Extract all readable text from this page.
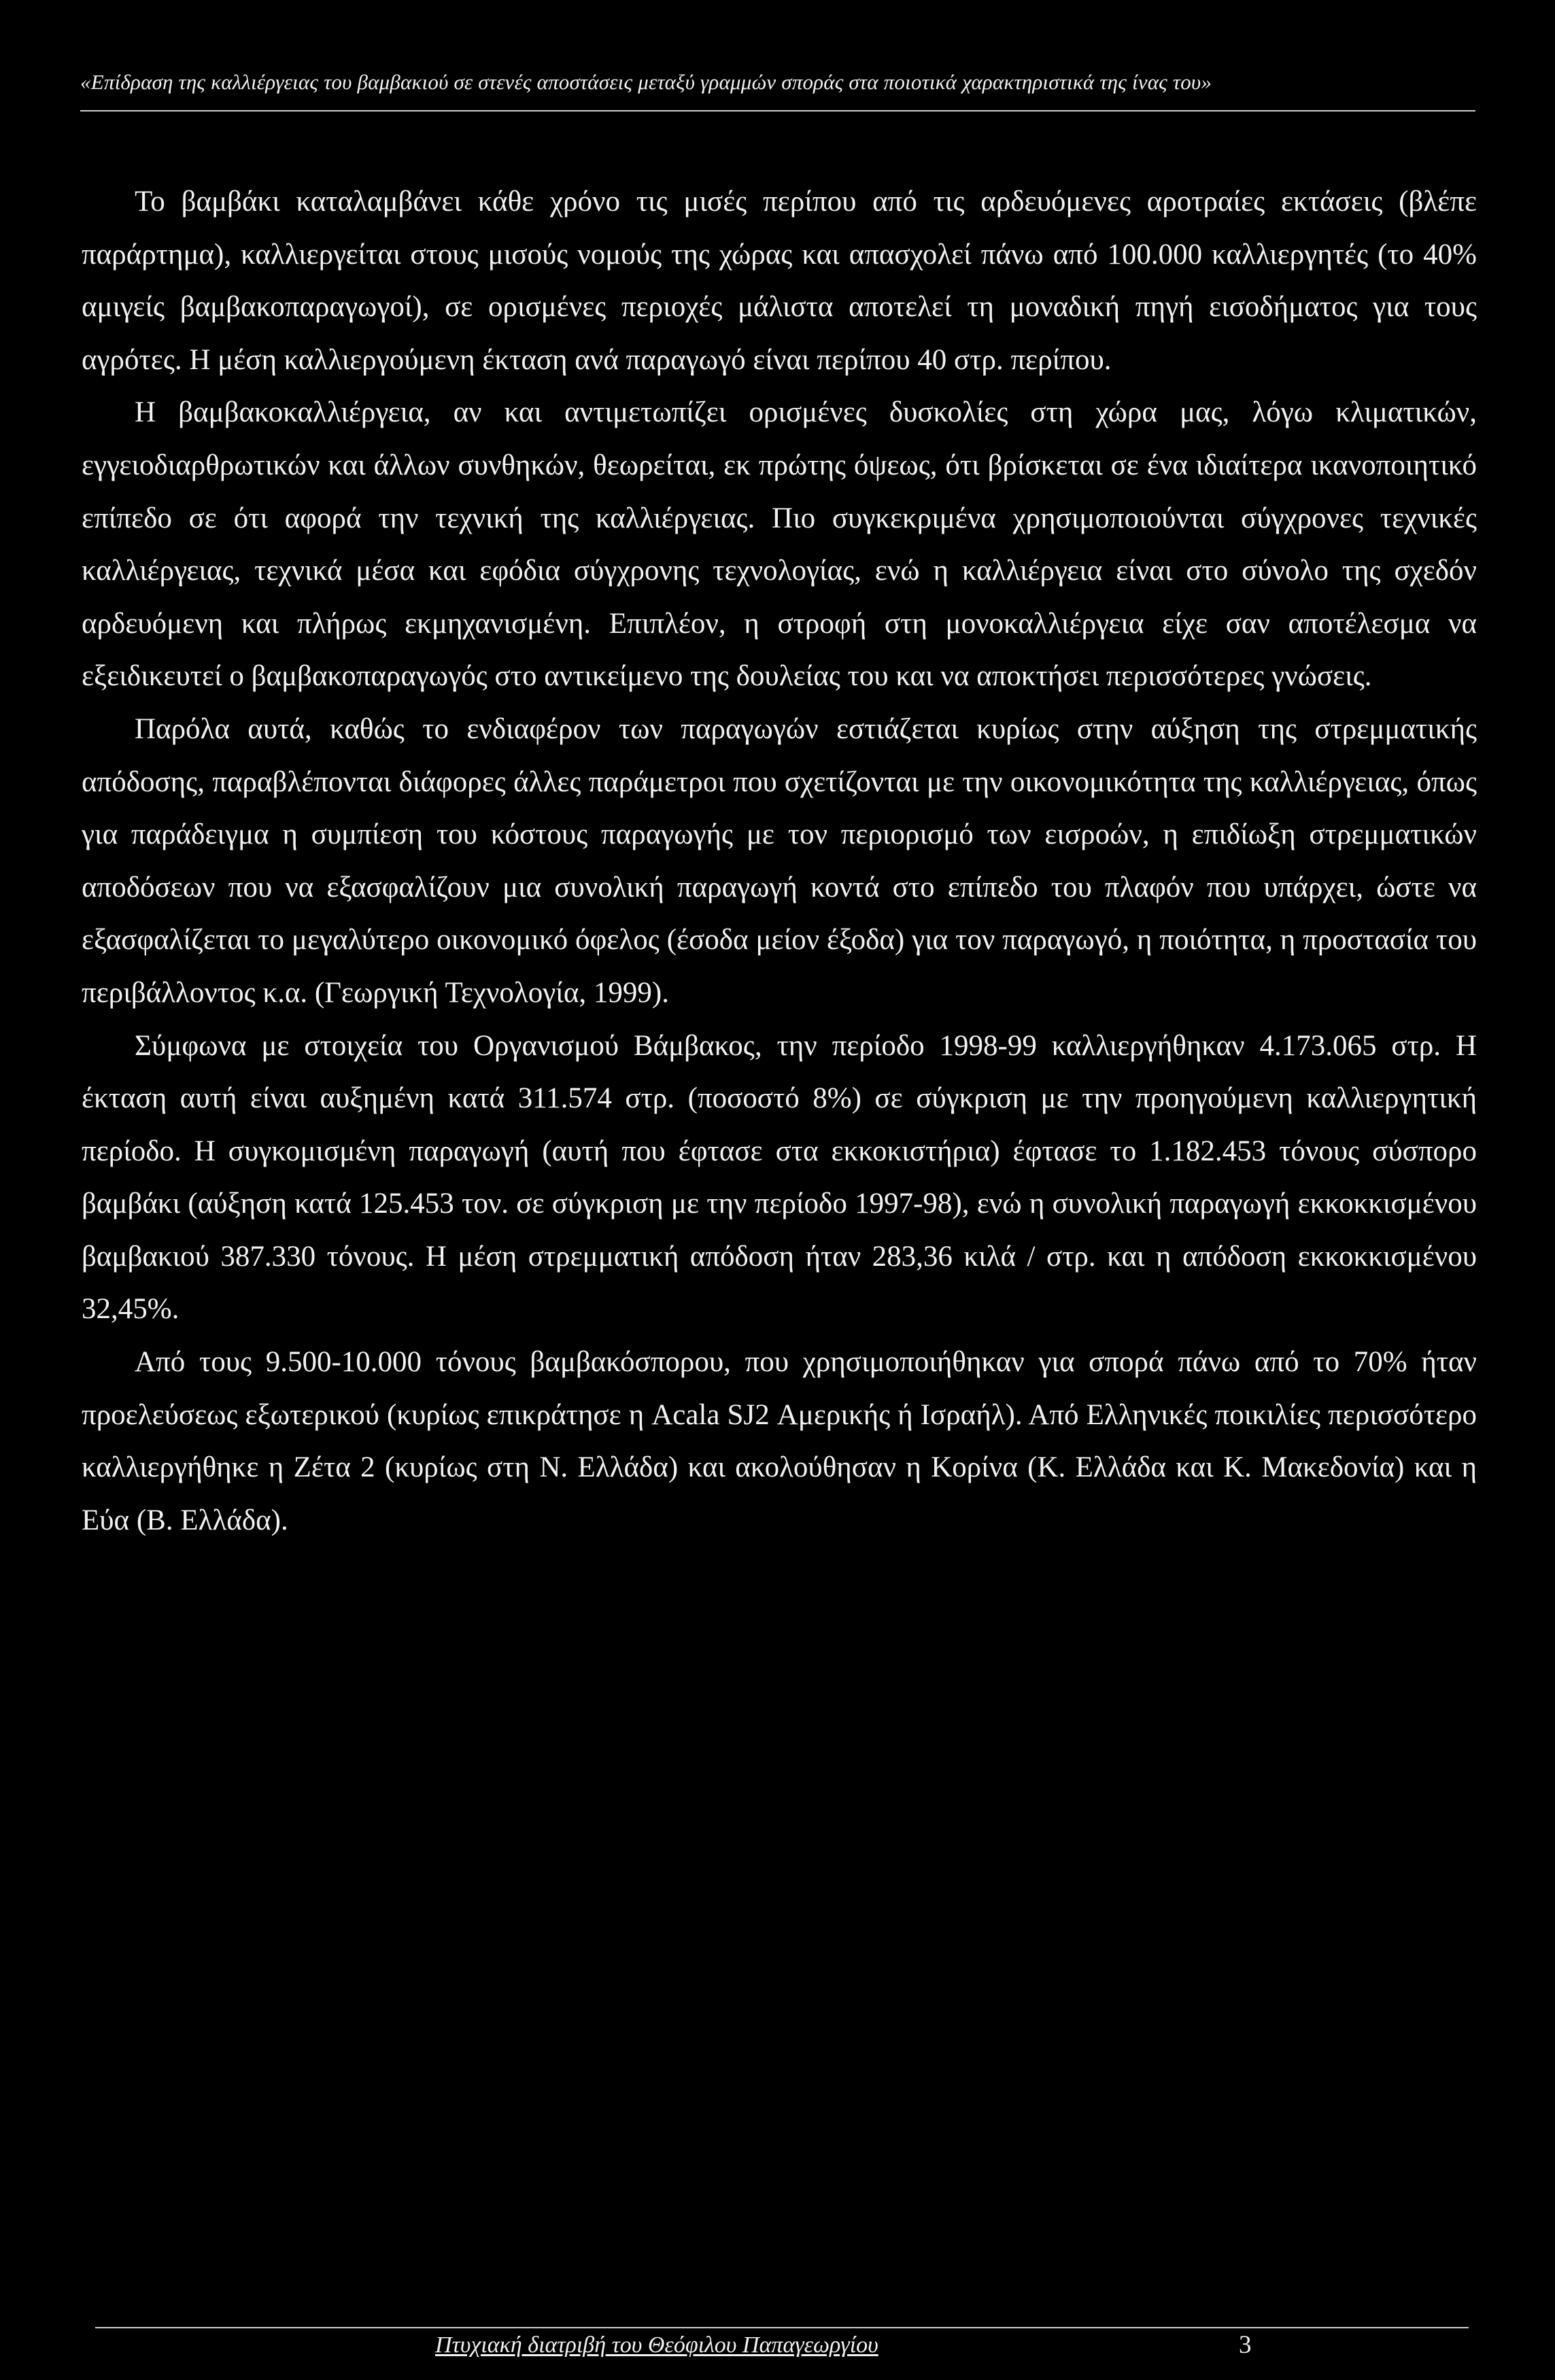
«Επίδραση της καλλιέργειας του βαμβακιού σε στενές αποστάσεις μεταξύ γραμμών σποράς στα ποιοτικά χαρακτηριστικά της ίνας του»

Το βαμβάκι καταλαμβάνει κάθε χρόνο τις μισές περίπου από τις αρδευόμενες αροτραίες εκτάσεις (βλέπε παράρτημα), καλλιεργείται στους μισούς νομούς της χώρας και απασχολεί πάνω από 100.000 καλλιεργητές (το 40% αμιγείς βαμβακοπαραγωγοί), σε ορισμένες περιοχές μάλιστα αποτελεί τη μοναδική πηγή εισοδήματος για τους αγρότες. Η μέση καλλιεργούμενη έκταση ανά παραγωγό είναι περίπου 40 στρ. περίπου.

Η βαμβακοκαλλιέργεια, αν και αντιμετωπίζει ορισμένες δυσκολίες στη χώρα μας, λόγω κλιματικών, εγγειοδιαρθρωτικών και άλλων συνθηκών, θεωρείται, εκ πρώτης όψεως, ότι βρίσκεται σε ένα ιδιαίτερα ικανοποιητικό επίπεδο σε ότι αφορά την τεχνική της καλλιέργειας. Πιο συγκεκριμένα χρησιμοποιούνται σύγχρονες τεχνικές καλλιέργειας, τεχνικά μέσα και εφόδια σύγχρονης τεχνολογίας, ενώ η καλλιέργεια είναι στο σύνολο της σχεδόν αρδευόμενη και πλήρως εκμηχανισμένη. Επιπλέον, η στροφή στη μονοκαλλιέργεια είχε σαν αποτέλεσμα να εξειδικευτεί ο βαμβακοπαραγωγός στο αντικείμενο της δουλείας του και να αποκτήσει περισσότερες γνώσεις.

Παρόλα αυτά, καθώς το ενδιαφέρον των παραγωγών εστιάζεται κυρίως στην αύξηση της στρεμματικής απόδοσης, παραβλέπονται διάφορες άλλες παράμετροι που σχετίζονται με την οικονομικότητα της καλλιέργειας, όπως για παράδειγμα η συμπίεση του κόστους παραγωγής με τον περιορισμό των εισροών, η επιδίωξη στρεμματικών αποδόσεων που να εξασφαλίζουν μια συνολική παραγωγή κοντά στο επίπεδο του πλαφόν που υπάρχει, ώστε να εξασφαλίζεται το μεγαλύτερο οικονομικό όφελος (έσοδα μείον έξοδα) για τον παραγωγό, η ποιότητα, η προστασία του περιβάλλοντος κ.α. (Γεωργική Τεχνολογία, 1999).

Σύμφωνα με στοιχεία του Οργανισμού Βάμβακος, την περίοδο 1998-99 καλλιεργήθηκαν 4.173.065 στρ. Η έκταση αυτή είναι αυξημένη κατά 311.574 στρ. (ποσοστό 8%) σε σύγκριση με την προηγούμενη καλλιεργητική περίοδο. Η συγκομισμένη παραγωγή (αυτή που έφτασε στα εκκοκιστήρια) έφτασε το 1.182.453 τόνους σύσπορο βαμβάκι (αύξηση κατά 125.453 τον. σε σύγκριση με την περίοδο 1997-98), ενώ η συνολική παραγωγή εκκοκκισμένου βαμβακιού 387.330 τόνους. Η μέση στρεμματική απόδοση ήταν 283,36 κιλά / στρ. και η απόδοση εκκοκκισμένου 32,45%.

Από τους 9.500-10.000 τόνους βαμβακόσπορου, που χρησιμοποιήθηκαν για σπορά πάνω από το 70% ήταν προελεύσεως εξωτερικού (κυρίως επικράτησε η Acala SJ2 Αμερικής ή Ισραήλ). Από Ελληνικές ποικιλίες περισσότερο καλλιεργήθηκε η Ζέτα 2 (κυρίως στη Ν. Ελλάδα) και ακολούθησαν η Κορίνα (Κ. Ελλάδα και Κ. Μακεδονία) και η Εύα (Β. Ελλάδα).

Πτυχιακή διατριβή του Θεόφιλου Παπαγεωργίου	3
